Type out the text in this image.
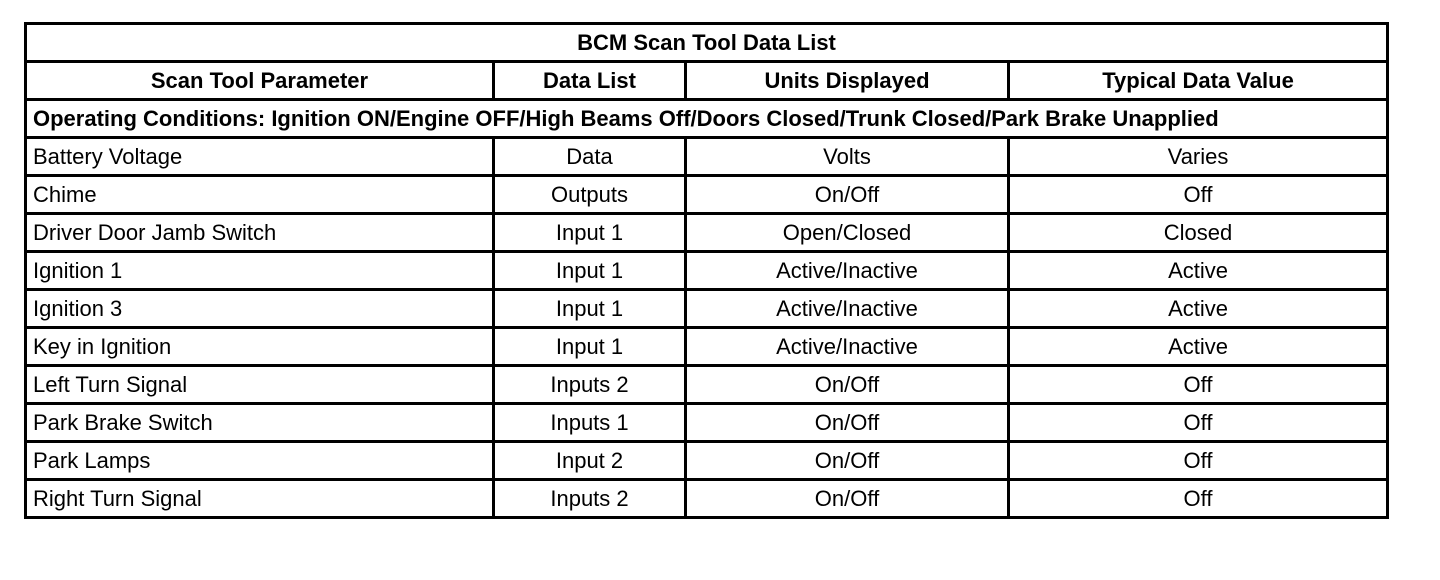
BCM Scan Tool Data List			
Scan Tool Parameter	Data List	Units Displayed	Typical Data Value
Operating Conditions: Ignition ON/Engine OFF/High Beams Off/Doors Closed/Trunk Closed/Park Brake Unapplied			
Battery Voltage	Data	Volts	Varies
Chime	Outputs	On/Off	Off
Driver Door Jamb Switch	Input 1	Open/Closed	Closed
Ignition 1	Input 1	Active/Inactive	Active
Ignition 3	Input 1	Active/Inactive	Active
Key in Ignition	Input 1	Active/Inactive	Active
Left Turn Signal	Inputs 2	On/Off	Off
Park Brake Switch	Inputs 1	On/Off	Off
Park Lamps	Input 2	On/Off	Off
Right Turn Signal	Inputs 2	On/Off	Off
